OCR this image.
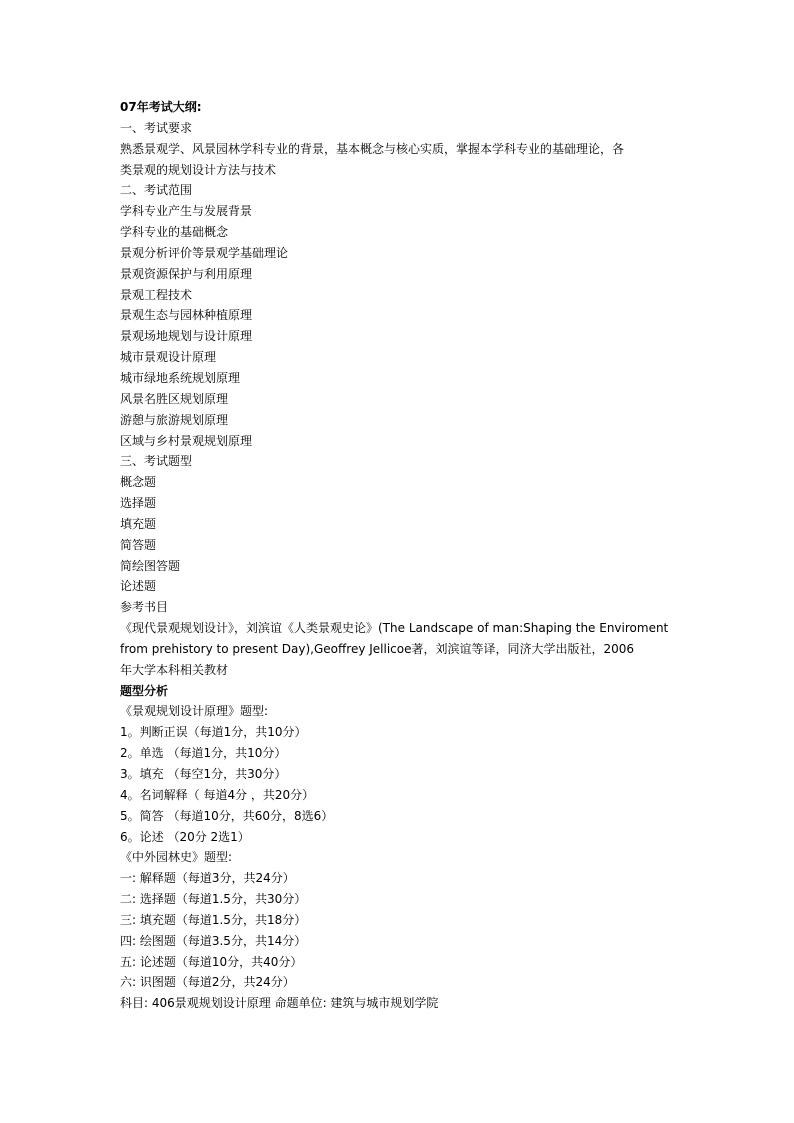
07年考试大纲:
一、考试要求
熟悉景观学、风景园林学科专业的背景，基本概念与核心实质，掌握本学科专业的基础理论，各
类景观的规划设计方法与技术
二、考试范围
学科专业产生与发展背景
学科专业的基础概念
景观分析评价等景观学基础理论
景观资源保护与利用原理
景观工程技术
景观生态与园林种植原理
景观场地规划与设计原理
城市景观设计原理
城市绿地系统规划原理
风景名胜区规划原理
游憩与旅游规划原理
区域与乡村景观规划原理
三、考试题型
概念题
选择题
填充题
简答题
简绘图答题
论述题
参考书目
《现代景观规划设计》，刘滨谊《人类景观史论》(The Landscape of man:Shaping the Enviroment
from prehistory to present Day),Geoffrey Jellicoe著，刘滨谊等译，同济大学出版社，2006
年大学本科相关教材
题型分析
《景观规划设计原理》题型:
1。判断正误（每道1分，共10分）
2。单选 （每道1分，共10分）
3。填充 （每空1分，共30分）
4。名词解释（ 每道4分 ，共20分）
5。简答 （每道10分，共60分，8选6）
6。论述 （20分 2选1）
《中外园林史》题型:
一: 解释题（每道3分，共24分）
二: 选择题（每道1.5分，共30分）
三: 填充题（每道1.5分，共18分）
四: 绘图题（每道3.5分，共14分）
五: 论述题（每道10分，共40分）
六: 识图题（每道2分，共24分）
科目: 406景观规划设计原理 命题单位: 建筑与城市规划学院
